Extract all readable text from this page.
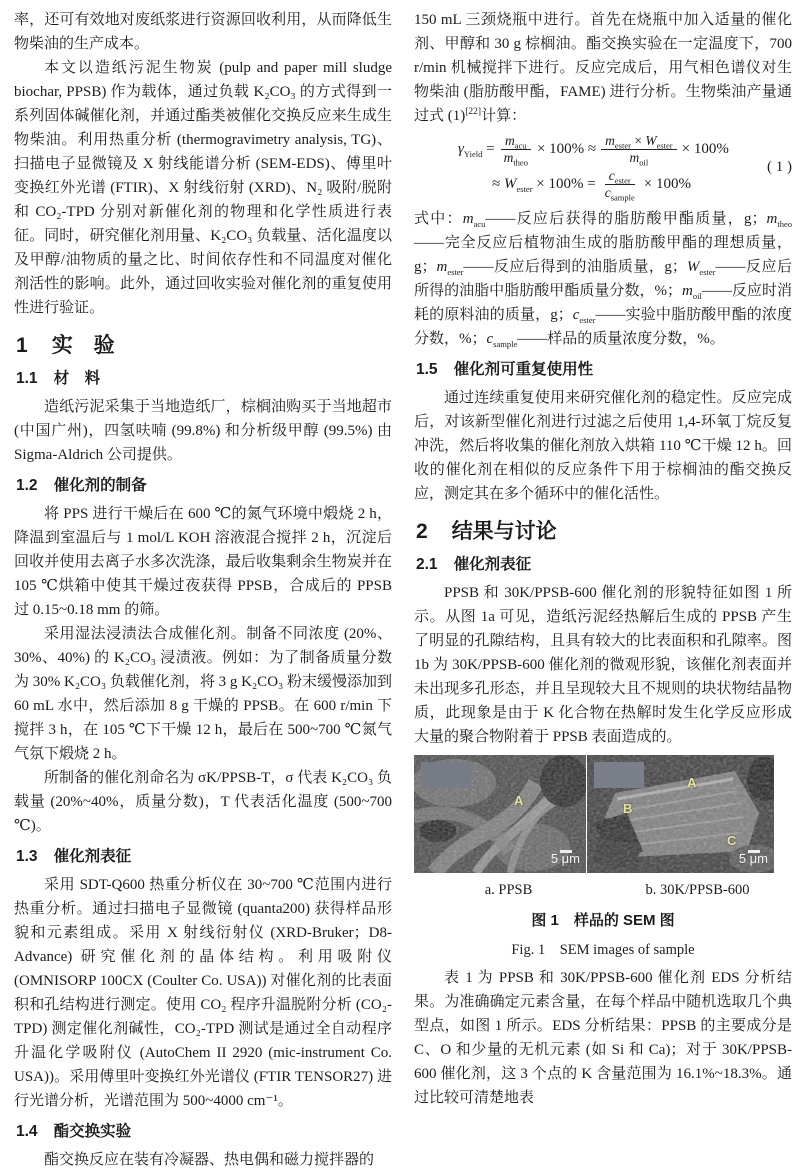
率，还可有效地对废纸浆进行资源回收利用，从而降低生物柴油的生产成本。

本文以造纸污泥生物炭 (pulp and paper mill sludge biochar, PPSB) 作为载体，通过负载 K₂CO₃ 的方式得到一系列固体碱催化剂，并通过酯类被催化交换反应来生成生物柴油。利用热重分析 (thermogravimetry analysis, TG)、扫描电子显微镜及 X 射线能谱分析 (SEM-EDS)、傅里叶变换红外光谱 (FTIR)、X 射线衍射 (XRD)、N₂ 吸附/脱附和 CO₂-TPD 分别对新催化剂的物理和化学性质进行表征。同时，研究催化剂用量、K₂CO₃ 负载量、活化温度以及甲醇/油物质的量之比、时间依存性和不同温度对催化剂活性的影响。此外，通过回收实验对催化剂的重复使用性进行验证。

1 实　验
1.1 材　料

造纸污泥采集于当地造纸厂，棕榈油购买于当地超市 (中国广州)，四氢呋喃 (99.8%) 和分析级甲醇 (99.5%) 由 Sigma-Aldrich 公司提供。

1.2 催化剂的制备

将 PPS 进行干燥后在 600 ℃的氮气环境中煅烧 2 h，降温到室温后与 1 mol/L KOH 溶液混合搅拌 2 h，沉淀后回收并使用去离子水多次洗涤，最后收集剩余生物炭并在 105 ℃烘箱中使其干燥过夜获得 PPSB，合成后的 PPSB 过 0.15~0.18 mm 的筛。

采用湿法浸渍法合成催化剂。制备不同浓度 (20%、30%、40%) 的 K₂CO₃ 浸渍液。例如：为了制备质量分数为 30% K₂CO₃ 负载催化剂，将 3 g K₂CO₃ 粉末缓慢添加到 60 mL 水中，然后添加 8 g 干燥的 PPSB。在 600 r/min 下搅拌 3 h，在 105 ℃下干燥 12 h，最后在 500~700 ℃氮气气氛下煅烧 2 h。

所制备的催化剂命名为 σK/PPSB-T，σ 代表 K₂CO₃ 负载量 (20%~40%，质量分数)，T 代表活化温度 (500~700 ℃)。

1.3 催化剂表征

采用 SDT-Q600 热重分析仪在 30~700 ℃范围内进行热重分析。通过扫描电子显微镜 (quanta200) 获得样品形貌和元素组成。采用 X 射线衍射仪 (XRD-Bruker；D8-Advance) 研究催化剂的晶体结构。利用吸附仪 (OMNISORP 100CX (Coulter Co. USA)) 对催化剂的比表面积和孔结构进行测定。使用 CO₂ 程序升温脱附分析 (CO₂-TPD) 测定催化剂碱性，CO₂-TPD 测试是通过全自动程序升温化学吸附仪 (AutoChem II 2920 (mic-instrument Co. USA))。采用傅里叶变换红外光谱仪 (FTIR TENSOR27) 进行光谱分析，光谱范围为 500~4000 cm⁻¹。

1.4 酯交换实验

酯交换反应在装有冷凝器、热电偶和磁力搅拌器的

150 mL 三颈烧瓶中进行。首先在烧瓶中加入适量的催化剂、甲醇和 30 g 棕榈油。酯交换实验在一定温度下，700 r/min 机械搅拌下进行。反应完成后，用气相色谱仪对生物柴油 (脂肪酸甲酯，FAME) 进行分析。生物柴油产量通过式 (1)[22]计算：

$\gamma_{Yield} = \frac{m_{acu}}{m_{theo}} \times 100\% \approx \frac{m_{ester} \times W_{ester}}{m_{oil}} \times 100\%$
≈ $W_{ester} \times 100\% = \frac{c_{ester}}{c_{sample}} \times 100\%$
( 1 )

式中：$m_{acu}——$反应后获得的脂肪酸甲酯质量，g；$m_{theo}——$完全反应后植物油生成的脂肪酸甲酯的理想质量，g；$m_{ester}——$反应后得到的油脂质量，g；$W_{ester}——$反应后所得的油脂中脂肪酸甲酯质量分数，%；$m_{oil}——$反应时消耗的原料油的质量，g；$c_{ester}——$实验中脂肪酸甲酯的浓度分数，%；$c_{sample}——$样品的质量浓度分数，%。

1.5 催化剂可重复使用性

通过连续重复使用来研究催化剂的稳定性。反应完成后，对该新型催化剂进行过滤之后使用 1,4-环氧丁烷反复冲洗，然后将收集的催化剂放入烘箱 110 ℃干燥 12 h。回收的催化剂在相似的反应条件下用于棕榈油的酯交换反应，测定其在多个循环中的催化活性。

2 结果与讨论
2.1 催化剂表征

PPSB 和 30K/PPSB-600 催化剂的形貌特征如图 1 所示。从图 1a 可见，造纸污泥经热解后生成的 PPSB 产生了明显的孔隙结构，且具有较大的比表面积和孔隙率。图 1b 为 30K/PPSB-600 催化剂的微观形貌，该催化剂表面并未出现多孔形态，并且呈现较大且不规则的块状物结晶物质，此现象是由于 K 化合物在热解时发生化学反应形成大量的聚合物附着于 PPSB 表面造成的。

A
5 μm
A
B
C
5 μm
a. PPSB	b. 30K/PPSB-600
图 1　样品的 SEM 图
Fig. 1　SEM images of sample

表 1 为 PPSB 和 30K/PPSB-600 催化剂 EDS 分析结果。为准确确定元素含量，在每个样品中随机选取几个典型点，如图 1 所示。EDS 分析结果：PPSB 的主要成分是 C、O 和少量的无机元素 (如 Si 和 Ca)；对于 30K/PPSB-600 催化剂，这 3 个点的 K 含量范围为 16.1%~18.3%。通过比较可清楚地表
